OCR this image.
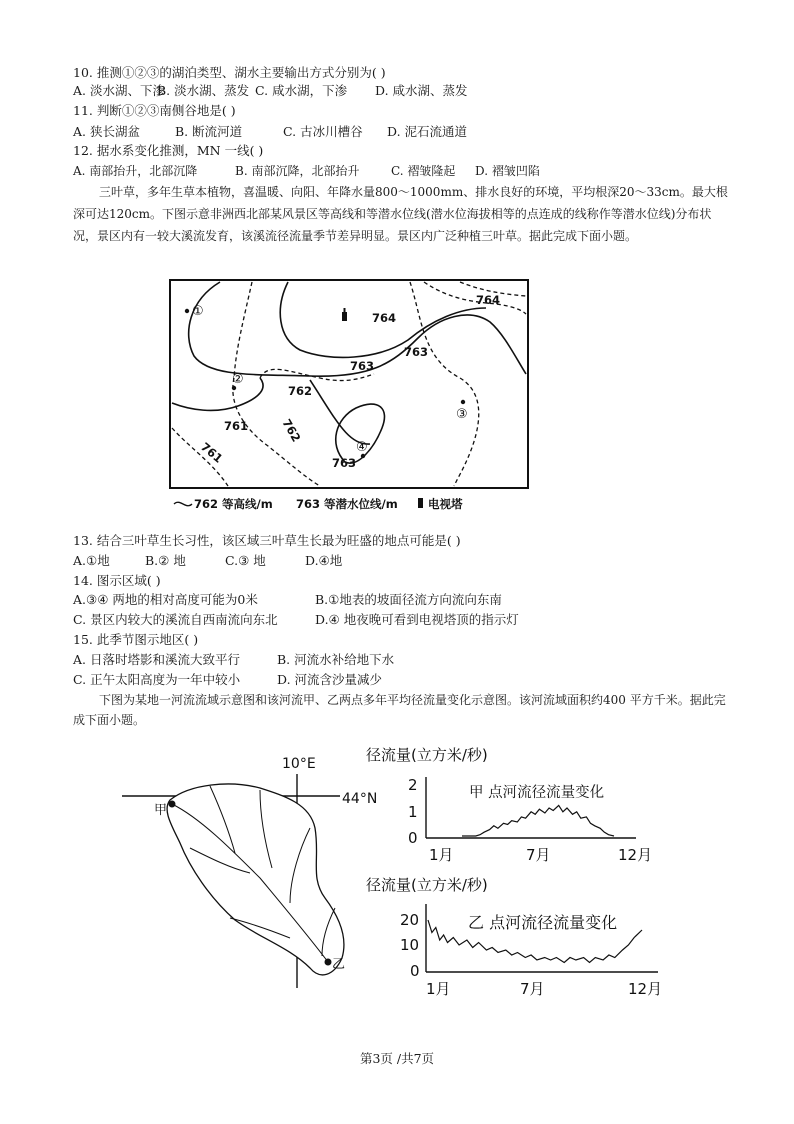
10. 推测①②③的湖泊类型、湖水主要输出方式分别为( )
A. 淡水湖、下渗B. 淡水湖、蒸发 C. 咸水湖，下渗 D. 咸水湖、蒸发
11. 判断①②③南侧谷地是( )
A. 狭长湖盆	B. 断流河道	C. 古冰川槽谷 D. 泥石流通道
12. 据水系变化推测，MN 一线( )
A. 南部抬升，北部沉降	B. 南部沉降，北部抬升	C. 褶皱隆起 D. 褶皱凹陷
三叶草，多年生草本植物，喜温暖、向阳、年降水量800～1000mm、排水良好的环境，平均根深20～33cm。最大根深可达120cm。下图示意非洲西北部某风景区等高线和等潜水位线(潜水位海拔相等的点连成的线称作等潜水位线)分布状况，景区内有一较大溪流发育，该溪流径流量季节差异明显。景区内广泛种植三叶草。据此完成下面小题。
①
②
③
④
764
764
763
763
762
762
761
761	763
762 等高线/m 763 等潜水位线/m	电视塔
13. 结合三叶草生长习性，该区域三叶草生长最为旺盛的地点可能是( )
A.①地	B.② 地	C.③ 地	D.④地
14. 图示区域( )
A.③④ 两地的相对高度可能为0米	B.①地表的坡面径流方向流向东南
C. 景区内较大的溪流自西南流向东北	D.④ 地夜晚可看到电视塔顶的指示灯
15. 此季节图示地区( )
A. 日落时塔影和溪流大致平行	B. 河流水补给地下水
C. 正午太阳高度为一年中较小	D. 河流含沙量减少
下图为某地一河流流域示意图和该河流甲、乙两点多年平均径流量变化示意图。该河流域面积约400 平方千米。据此完成下面小题。
10°E
44°N
甲
乙
径流量(立方米/秒)
2
1
0
甲 点河流径流量变化
1月	7月	12月
径流量(立方米/秒)
20
10
0
乙 点河流径流量变化
1月	7月	12月
第3页 /共7页
